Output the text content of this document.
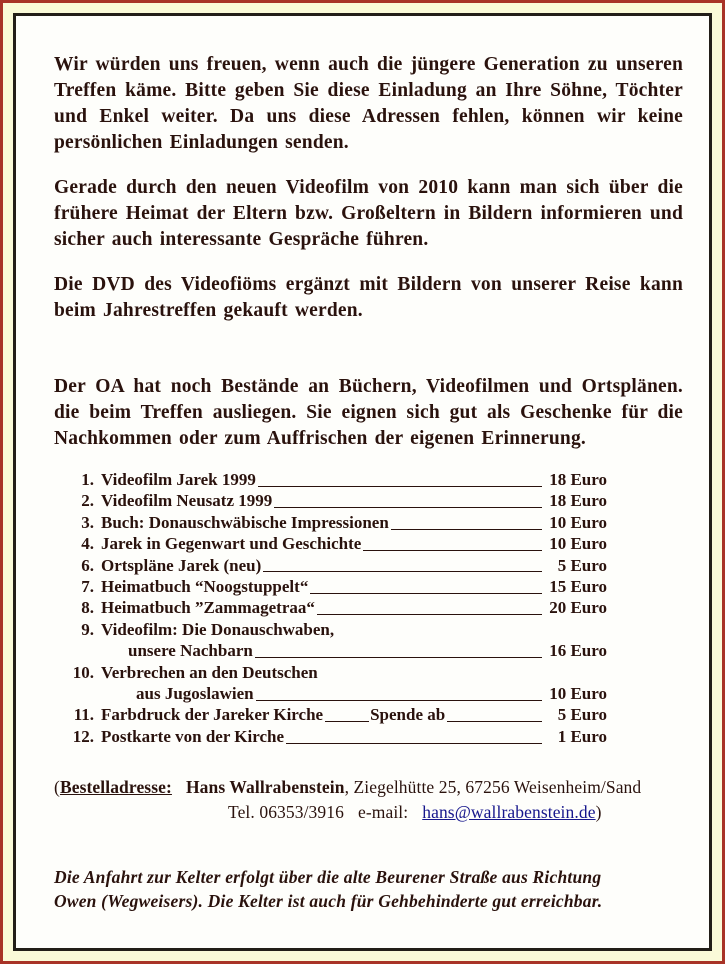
Wir würden uns freuen, wenn auch die jüngere Generation zu unseren Treffen käme. Bitte geben Sie diese Einladung an Ihre Söhne, Töchter und Enkel weiter. Da uns diese Adressen fehlen, können wir keine persönlichen Einladungen senden.

Gerade durch den neuen Videofilm von 2010 kann man sich über die frühere Heimat der Eltern bzw. Großeltern in Bildern informieren und sicher auch interessante Gespräche führen.

Die DVD des Videofiöms ergänzt mit Bildern von unserer Reise kann beim Jahrestreffen gekauft werden.

Der OA hat noch Bestände an Büchern, Videofilmen und Ortsplänen. die beim Treffen ausliegen. Sie eignen sich gut als Geschenke für die Nachkommen oder zum Auffrischen der eigenen Erinnerung.

1. Videofilm Jarek 1999	18 Euro
2. Videofilm Neusatz 1999	18 Euro
3. Buch: Donauschwäbische Impressionen	10 Euro
4. Jarek in Gegenwart und Geschichte	10 Euro
6. Ortspläne Jarek (neu)	5 Euro
7. Heimatbuch “Noogstuppelt“	15 Euro
8. Heimatbuch ”Zammagetraa“	20 Euro
9. Videofilm: Die Donauschwaben,
unsere Nachbarn	16 Euro
10. Verbrechen an den Deutschen
aus Jugoslawien	10 Euro
11. Farbdruck der Jareker Kirche	Spende ab	5 Euro
12. Postkarte von der Kirche	1 Euro
(Bestelladresse: Hans Wallrabenstein, Ziegelhütte 25, 67256 Weisenheim/Sand
Tel. 06353/3916 e-mail: hans@wallrabenstein.de)

Die Anfahrt zur Kelter erfolgt über die alte Beurener Straße aus Richtung Owen (Wegweisers). Die Kelter ist auch für Gehbehinderte gut erreichbar.
